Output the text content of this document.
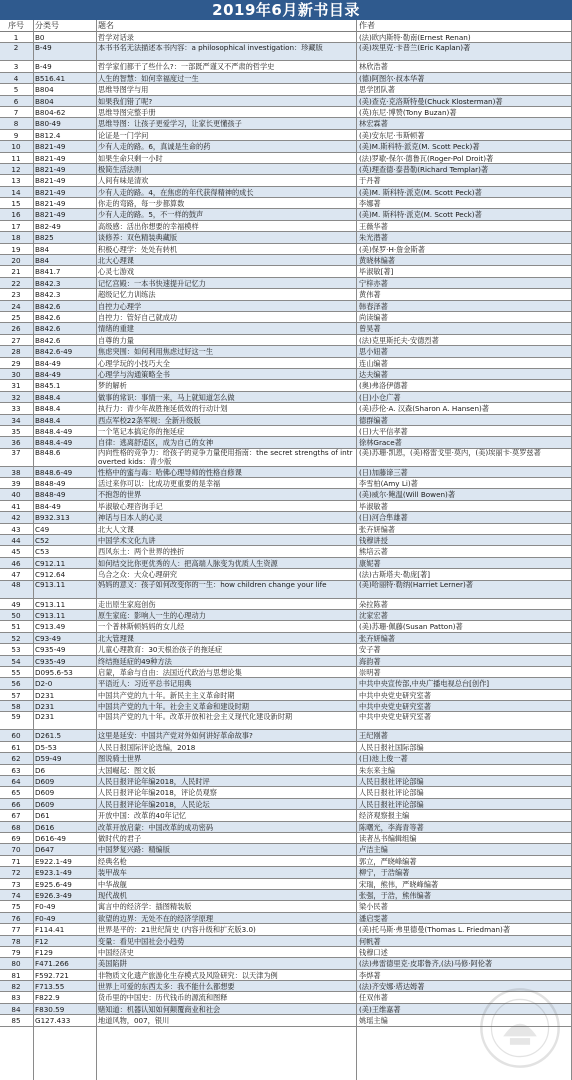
2019年6月新书目录
序号	分类号	题名	作者
1	B0	哲学对话录	(法)欧内斯特·勒南(Ernest Renan)
2	B-49	本书书名无法描述本书内容：a philosophical investigation：珍藏版	(美)埃里克·卡普兰(Eric Kaplan)著
3	B-49	哲学家们都干了些什么?：一部既严谨又不严肃的哲学史	林欣浩著
4	B516.41	人生的智慧：如何幸福度过一生	(德)阿图尔·叔本华著
5	B804	思维导图学与用	思学团队著
6	B804	如果我们错了呢?	(美)查克·克洛斯特曼(Chuck Klosterman)著
7	B804-62	思维导图完整手册	(英)东尼·博赞(Tony Buzan)著
8	B80-49	思维导图：让孩子更爱学习，让家长更懂孩子	林宏霖著
9	B812.4	论证是一门学问	(美)安东尼·韦斯顿著
10	B821-49	少有人走的路。6，真诚是生命的药	(美)M.斯科特·派克(M. Scott Peck)著
11	B821-49	如果生命只剩一小时	(法)罗歇-保尔·德鲁瓦(Roger-Pol Droit)著
12	B821-49	极简生活法则	(英)理查德·泰普勒(Richard Templar)著
13	B821-49	人间有味是清欢	于丹著
14	B821-49	少有人走的路。4，在焦虑的年代获得精神的成长	(美)M. 斯科特·派克(M. Scott Peck)著
15	B821-49	你走的弯路，每一步都算数	李娜著
16	B821-49	少有人走的路。5，不一样的鼓声	(美)M. 斯科特·派克(M. Scott Peck)著
17	B82-49	高级感：活出你想要的幸福模样	王薇华著
18	B825	谈修养：双色精装典藏版	朱光潜著
19	B84	积极心理学：处处有转机	(美)保罗·H·詹金斯著
20	B84	北大心理课	黄晓林编著
21	B841.7	心灵七游戏	毕淑敏[著]
22	B842.3	记忆宫殿：一本书快速提升记忆力	宁梓亦著
23	B842.3	超级记忆力训练法	黄伟著
24	B842.6	自控力心理学	韩春泽著
25	B842.6	自控力：管好自己就成功	尚读编著
26	B842.6	情绪的重建	曾昊著
27	B842.6	自尊的力量	(法)克里斯托夫·安德烈著
28	B842.6-49	焦虑突围：如何利用焦虑过好这一生	思小妞著
29	B84-49	心理学玩的小技巧大全	连山编著
30	B84-49	心理学与沟通策略全书	达夫编著
31	B845.1	梦的解析	(奥)弗洛伊德著
32	B848.4	做事的常识：事情一来，马上就知道怎么做	(日)小仓广著
33	B848.4	执行力：青少年战胜拖延低效的行动计划	(美)莎伦·A. 汉森(Sharon A. Hansen)著
34	B848.4	西点军校22条军规：全新升级版	德群编著
35	B848.4-49	一个笔记本搞定你的拖延症	(日)大平信孝著
36	B848.4-49	自律：逃离舒适区，成为自己的女神	徐林Grace著
37	B848.6	内向性格的竞争力：给孩子的竞争力量使用指南：the secret strengths of introverted kids：青少版
(美)苏珊·凯恩，(美)格雷戈里·莫内，(美)埃丽卡·莫罗兹著
38	B848.6-49	性格中的蜜与毒：哈佛心理导师的性格自修课	(日)加藤谛三著
39	B848-49	活过来你可以：比成功更重要的是幸福	李雪柏(Amy Li)著
40	B848-49	不抱怨的世界	(美)威尔·鲍温(Will Bowen)著
41	B84-49	毕淑敏心理咨询手记	毕淑敏著
42	B932.313	神话与日本人的心灵	(日)河合隼雄著
43	C49	北大人文课	张卉妍编著
44	C52	中国学术文化九讲	钱穆讲授
45	C53	西风东土：两个世界的挫折	熊培云著
46	C912.11	如何结交比你更优秀的人：把高端人脉变为优质人生资源	康妮著
47	C912.64	乌合之众：大众心理研究	(法)古斯塔夫·勒庞[著]
48	C913.11	妈妈的意义：孩子如何改变你的一生：how children change your life	(美)哈丽特·勒纳(Harriet Lerner)著
49	C913.11	走出原生家庭创伤	朵拉陈著
50	C913.11	原生家庭：影响人一生的心理动力	沈家宏著
51	C913.49	一个普林斯顿妈妈的女儿经	(美)苏珊·佩藤(Susan Patton)著
52	C93-49	北大管理课	张卉妍编著
53	C935-49	儿童心理教育：30天根治孩子的拖延症	安子著
54	C935-49	终结拖延症的49种方法	海韵著
55	D095.6-53	启蒙，革命与自由：法国近代政治与思想论集	崇明著
56	D2-0	平语近人：习近平总书记用典	中共中央宣传部,中央广播电视总台[创作]
57	D231	中国共产党的九十年。新民主主义革命时期	中共中央党史研究室著
58	D231	中国共产党的九十年。社会主义革命和建设时期	中共中央党史研究室著
59	D231	中国共产党的九十年。改革开放和社会主义现代化建设新时期	中共中央党史研究室著
60	D261.5	这里是延安：中国共产党对外如何讲好革命故事?	王纪刚著
61	D5-53	人民日报国际评论选编，2018	人民日报社国际部编
62	D59-49	图说骑士世界	(日)池上俊一著
63	D6	大国崛起：图文版	朱东来主编
64	D609	人民日报评论年编2018，人民时评	人民日报社评论部编
65	D609	人民日报评论年编2018，评论员观察	人民日报社评论部编
66	D609	人民日报评论年编2018，人民论坛	人民日报社评论部编
67	D61	开放中国：改革的40年记忆	经济观察报主编
68	D616	改革开放启蒙：中国改革的成功密码	陈曙光，李海青等著
69	D616-49	做时代的君子	读者丛书编辑组编
70	D647	中国梦复兴路：精编版	卢洁主编
71	E922.1-49	经典名枪	郭立，严晓峰编著
72	E923.1-49	装甲战车	柳宁，于浩编著
73	E925.6-49	中华战舰	宋瑞，熊伟，严晓峰编著
74	E926.3-49	现代战机	张强，于浩，熊伟编著
75	F0-49	寓言中的经济学：插图精装版	梁小民著
76	F0-49	欲望的边界：无处不在的经济学原理	潘启雯著
77	F114.41	世界是平的：21世纪简史 (内容升级和扩充版3.0)	(美)托马斯·弗里德曼(Thomas L. Friedman)著
78	F12	变量：看见中国社会小趋势	何帆著
79	F129	中国经济史	钱穆口述
80	F471.266	美国陷阱	(法)弗雷德里克·皮耶鲁齐,(法)马修·阿伦著
81	F592.721	非物质文化遗产旅游化生存模式及风险研究：以天津为例	李烨著
82	F713.55	世界上可爱的东西太多：我不能什么都想要	(法)齐安娜·塔达姆著
83	F822.9	货币里的中国史：历代钱币的源流和图释	任双伟著
84	F830.59	赌知道：机器认知如何颠覆商业和社会	(美)王维嘉著
85	G127.433	地道风物，007，银川	姚瑶主编
